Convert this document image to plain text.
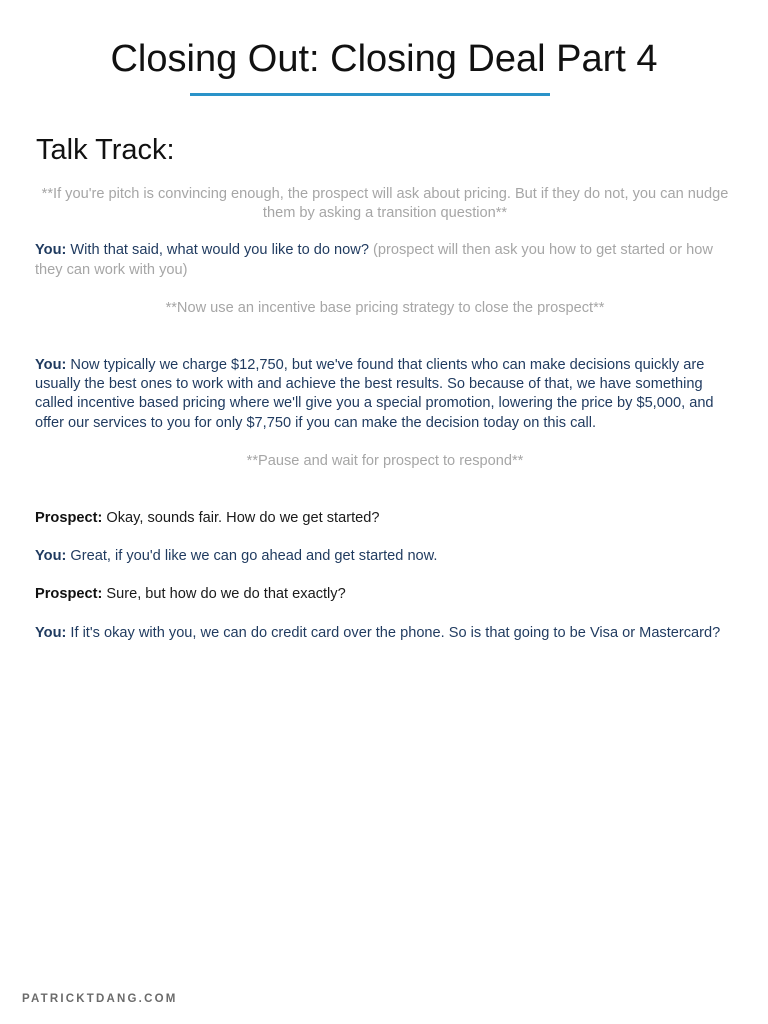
Closing Out: Closing Deal Part 4
Talk Track:

**If you're pitch is convincing enough, the prospect will ask about pricing. But if they do not, you can nudge them by asking a transition question**

You: With that said, what would you like to do now? (prospect will then ask you how to get started or how they can work with you)

**Now use an incentive base pricing strategy to close the prospect**

You: Now typically we charge $12,750, but we've found that clients who can make decisions quickly are usually the best ones to work with and achieve the best results. So because of that, we have something called incentive based pricing where we'll give you a special promotion, lowering the price by $5,000, and offer our services to you for only $7,750 if you can make the decision today on this call.

**Pause and wait for prospect to respond**

Prospect: Okay, sounds fair. How do we get started?

You: Great, if you'd like we can go ahead and get started now.

Prospect: Sure, but how do we do that exactly?

You: If it's okay with you, we can do credit card over the phone. So is that going to be Visa or Mastercard?

PATRICKTDANG.COM
